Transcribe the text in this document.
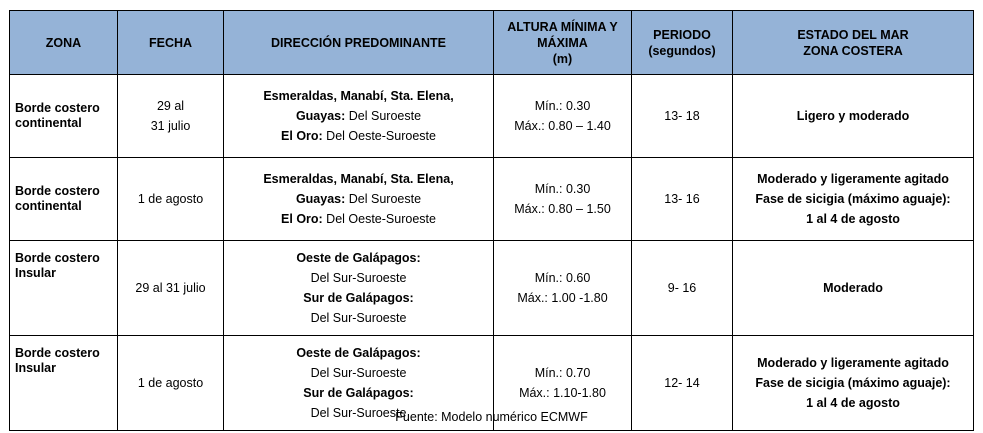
ZONA	FECHA	DIRECCIÓN PREDOMINANTE	ALTURA MÍNIMA Y
MÁXIMA
(m)	PERIODO
(segundos)	ESTADO DEL MAR
ZONA COSTERA

Borde costero
continental	29 al
31 julio	Esmeraldas, Manabí, Sta. Elena,
Guayas: Del Suroeste
El Oro: Del Oeste-Suroeste	Mín.: 0.30
Máx.: 0.80 – 1.40	13- 18	Ligero y moderado

Borde costero
continental	1 de agosto	Esmeraldas, Manabí, Sta. Elena,
Guayas: Del Suroeste
El Oro: Del Oeste-Suroeste	Mín.: 0.30
Máx.: 0.80 – 1.50	13- 16	Moderado y ligeramente agitado
Fase de sicigia (máximo aguaje):
1 al 4 de agosto

Borde costero
Insular	29 al 31 julio	Oeste de Galápagos:
Del Sur-Suroeste
Sur de Galápagos:
Del Sur-Suroeste	Mín.: 0.60
Máx.: 1.00 -1.80	9- 16	Moderado

Borde costero
Insular	1 de agosto	Oeste de Galápagos:
Del Sur-Suroeste
Sur de Galápagos:
Del Sur-Suroeste	Mín.: 0.70
Máx.: 1.10-1.80	12- 14	Moderado y ligeramente agitado
Fase de sicigia (máximo aguaje):
1 al 4 de agosto
Fuente: Modelo numérico ECMWF
